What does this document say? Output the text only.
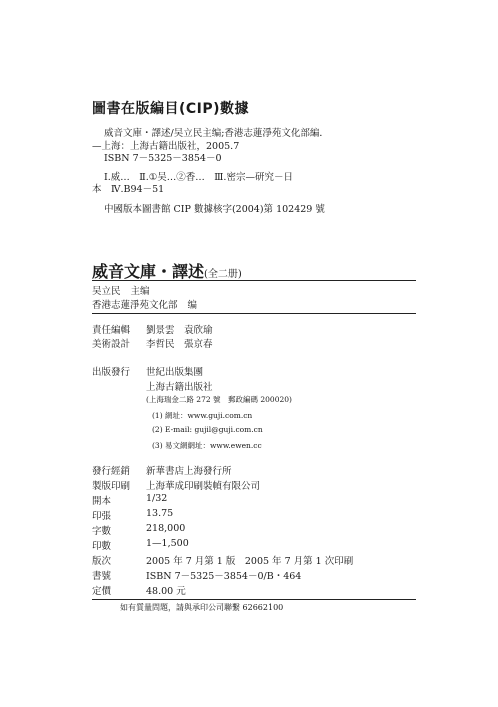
圖書在版編目(CIP)數據
威音文庫・譯述/吴立民主编;香港志蓮淨苑文化部編．
—上海：上海古籍出版社，2005.7
ISBN 7－5325－3854－0
Ⅰ.威…　Ⅱ.①吴…②香…　Ⅲ.密宗—研究－日
本　Ⅳ.B94－51
中國版本圖書館 CIP 數據核字(2004)第 102429 號
威音文庫・譯述(全二册)
吴立民 主编
香港志蓮淨苑文化部 编
責任編輯 劉景雲　袁欣瑜
美術設計 李哲民　張京春
出版發行 世紀出版集團
上海古籍出版社
(上海瑞金二路 272 號　郵政編碼 200020)
(1) 網址：www.guji.com.cn
(2) E-mail: gujil@guji.com.cn
(3) 易文網網址：www.ewen.cc
發行經銷 新華書店上海發行所
製版印刷 上海華成印刷裝幀有限公司
開本	1/32
印張	13.75
字數	218,000
印數	1—1,500
版次	2005 年 7 月第 1 版　2005 年 7 月第 1 次印刷
書號	ISBN 7－5325－3854－0/B・464
定價	48.00 元
如有質量問題，請與承印公司聯繫 62662100
